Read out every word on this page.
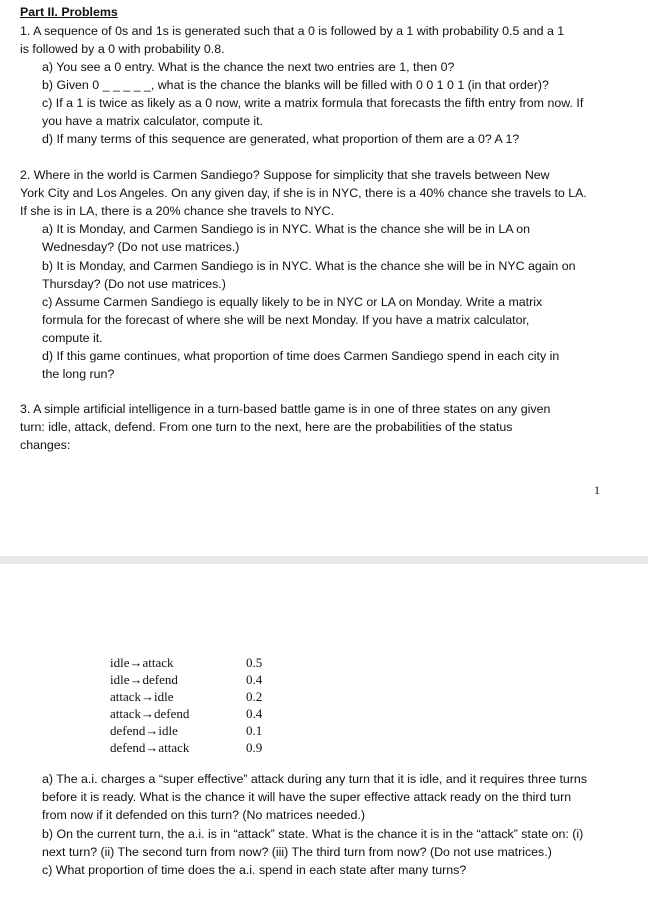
Part II. Problems
1. A sequence of 0s and 1s is generated such that a 0 is followed by a 1 with probability 0.5 and a 1
is followed by a 0 with probability 0.8.
a) You see a 0 entry. What is the chance the next two entries are 1, then 0?
b) Given 0 _ _ _ _ _, what is the chance the blanks will be filled with 0 0 1 0 1 (in that order)?
c) If a 1 is twice as likely as a 0 now, write a matrix formula that forecasts the fifth entry from now. If
you have a matrix calculator, compute it.
d) If many terms of this sequence are generated, what proportion of them are a 0? A 1?
2. Where in the world is Carmen Sandiego? Suppose for simplicity that she travels between New
York City and Los Angeles. On any given day, if she is in NYC, there is a 40% chance she travels to LA.
If she is in LA, there is a 20% chance she travels to NYC.
a) It is Monday, and Carmen Sandiego is in NYC. What is the chance she will be in LA on
Wednesday? (Do not use matrices.)
b) It is Monday, and Carmen Sandiego is in NYC. What is the chance she will be in NYC again on
Thursday? (Do not use matrices.)
c) Assume Carmen Sandiego is equally likely to be in NYC or LA on Monday. Write a matrix
formula for the forecast of where she will be next Monday. If you have a matrix calculator,
compute it.
d) If this game continues, what proportion of time does Carmen Sandiego spend in each city in
the long run?
3. A simple artificial intelligence in a turn-based battle game is in one of three states on any given
turn: idle, attack, defend. From one turn to the next, here are the probabilities of the status
changes:
1
idle→attack	0.5
idle→defend	0.4
attack→idle	0.2
attack→defend	0.4
defend→idle	0.1
defend→attack	0.9
a) The a.i. charges a “super effective” attack during any turn that it is idle, and it requires three turns
before it is ready. What is the chance it will have the super effective attack ready on the third turn
from now if it defended on this turn? (No matrices needed.)
b) On the current turn, the a.i. is in “attack” state. What is the chance it is in the “attack” state on: (i)
next turn? (ii) The second turn from now? (iii) The third turn from now? (Do not use matrices.)
c) What proportion of time does the a.i. spend in each state after many turns?
